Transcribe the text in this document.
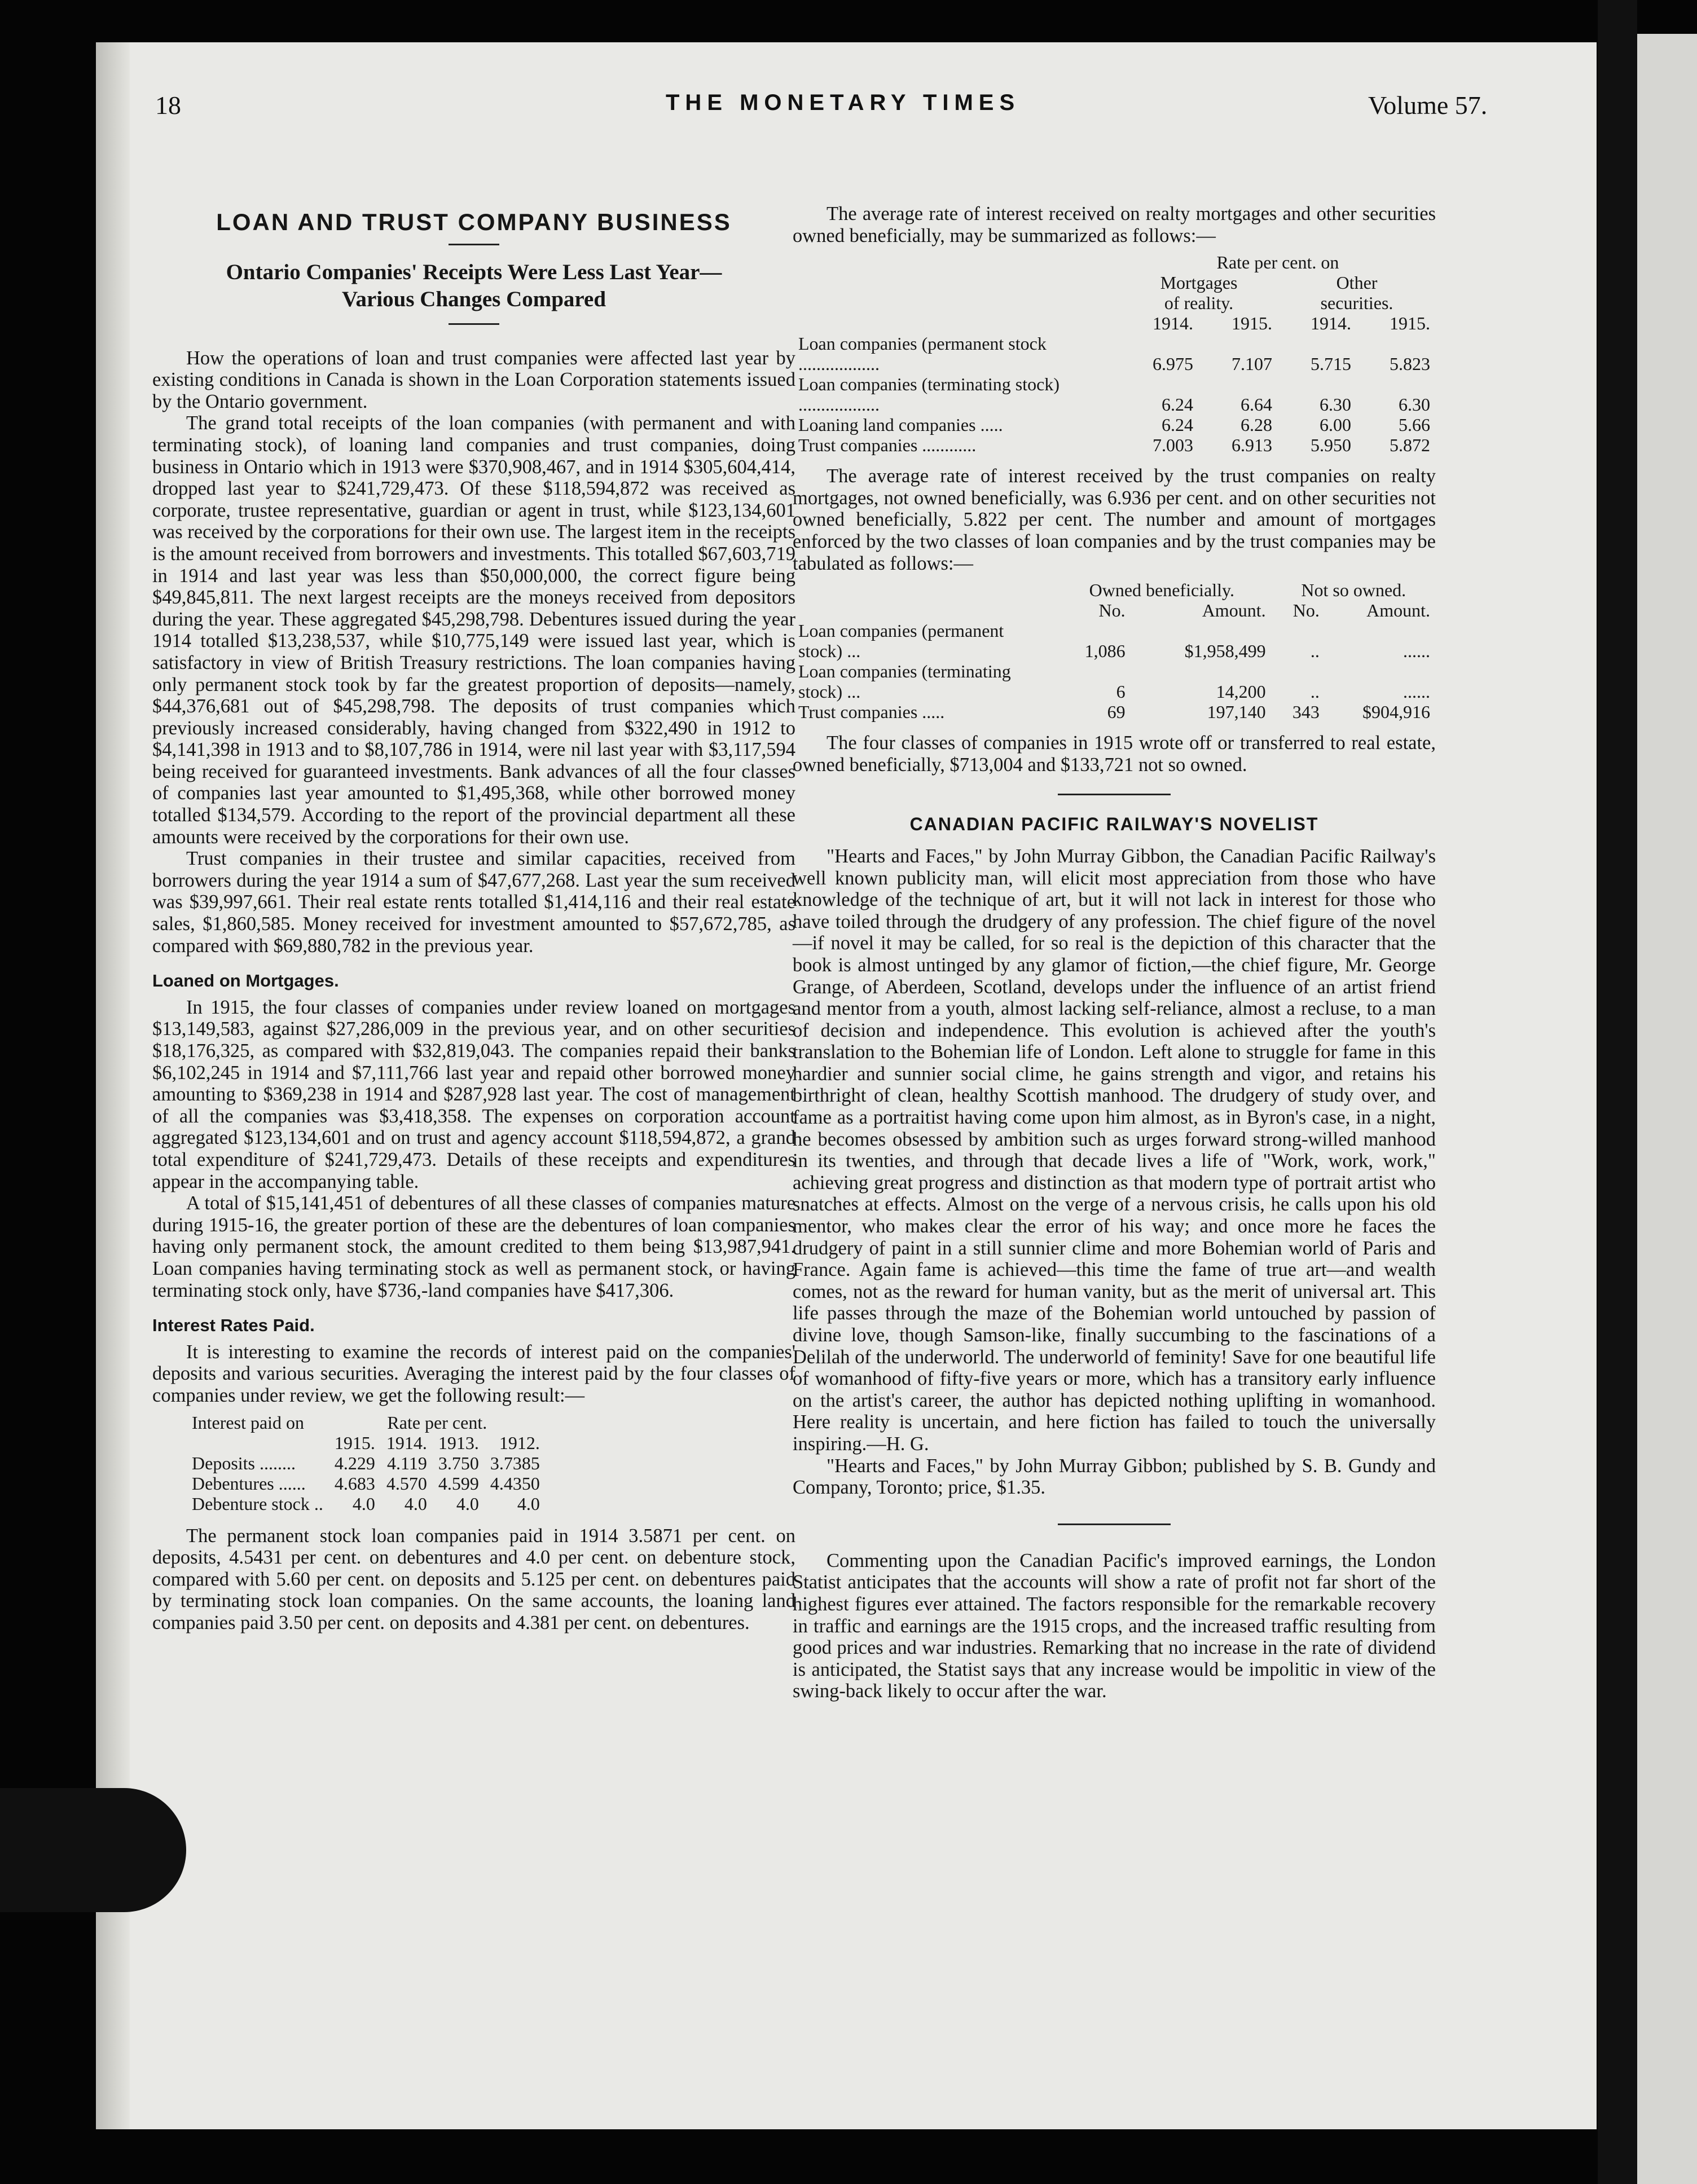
18	THE MONETARY TIMES	Volume 57.
LOAN AND TRUST COMPANY BUSINESS
Ontario Companies' Receipts Were Less Last Year—
Various Changes Compared

How the operations of loan and trust companies were affected last year by existing conditions in Canada is shown in the Loan Corporation statements issued by the Ontario government.

The grand total receipts of the loan companies (with permanent and with terminating stock), of loaning land companies and trust companies, doing business in Ontario which in 1913 were $370,908,467, and in 1914 $305,604,414, dropped last year to $241,729,473. Of these $118,594,872 was received as corporate, trustee representative, guardian or agent in trust, while $123,134,601 was received by the corporations for their own use. The largest item in the receipts is the amount received from borrowers and investments. This totalled $67,603,719 in 1914 and last year was less than $50,000,000, the correct figure being $49,845,811. The next largest receipts are the moneys received from depositors during the year. These aggregated $45,298,798. Debentures issued during the year 1914 totalled $13,238,537, while $10,775,149 were issued last year, which is satisfactory in view of British Treasury restrictions. The loan companies having only permanent stock took by far the greatest proportion of deposits—namely, $44,376,681 out of $45,298,798. The deposits of trust companies which previously increased considerably, having changed from $322,490 in 1912 to $4,141,398 in 1913 and to $8,107,786 in 1914, were nil last year with $3,117,594 being received for guaranteed investments. Bank advances of all the four classes of companies last year amounted to $1,495,368, while other borrowed money totalled $134,579. According to the report of the provincial department all these amounts were received by the corporations for their own use.

Trust companies in their trustee and similar capacities, received from borrowers during the year 1914 a sum of $47,677,268. Last year the sum received was $39,997,661. Their real estate rents totalled $1,414,116 and their real estate sales, $1,860,585. Money received for investment amounted to $57,672,785, as compared with $69,880,782 in the previous year.

Loaned on Mortgages.

In 1915, the four classes of companies under review loaned on mortgages $13,149,583, against $27,286,009 in the previous year, and on other securities $18,176,325, as compared with $32,819,043. The companies repaid their banks $6,102,245 in 1914 and $7,111,766 last year and repaid other borrowed money amounting to $369,238 in 1914 and $287,928 last year. The cost of management of all the companies was $3,418,358. The expenses on corporation account aggregated $123,134,601 and on trust and agency account $118,594,872, a grand total expenditure of $241,729,473. Details of these receipts and expenditures appear in the accompanying table.

A total of $15,141,451 of debentures of all these classes of companies mature during 1915-16, the greater portion of these are the debentures of loan companies having only permanent stock, the amount credited to them being $13,987,941. Loan companies having terminating stock as well as permanent stock, or having terminating stock only, have $736,-land companies have $417,306.

Interest Rates Paid.

It is interesting to examine the records of interest paid on the companies' deposits and various securities. Averaging the interest paid by the four classes of companies under review, we get the following result:—

Interest paid on	Rate per cent.			
	1915.	1914.	1913.	1912.
Deposits ........	4.229	4.119	3.750	3.7385
Debentures ......	4.683	4.570	4.599	4.4350
Debenture stock ..	4.0	4.0	4.0	4.0

The permanent stock loan companies paid in 1914 3.5871 per cent. on deposits, 4.5431 per cent. on debentures and 4.0 per cent. on debenture stock, compared with 5.60 per cent. on deposits and 5.125 per cent. on debentures paid by terminating stock loan companies. On the same accounts, the loaning land companies paid 3.50 per cent. on deposits and 4.381 per cent. on debentures.

The average rate of interest received on realty mortgages and other securities owned beneficially, may be summarized as follows:—

	Rate per cent. on			
	Mortgages		Other	
	of reality.		securities.	
	1914.	1915.	1914.	1915.
Loan companies (permanent stock ..................	6.975	7.107	5.715	5.823
Loan companies (terminating stock) ..................	6.24	6.64	6.30	6.30
Loaning land companies .....	6.24	6.28	6.00	5.66
Trust companies ............	7.003	6.913	5.950	5.872

The average rate of interest received by the trust companies on realty mortgages, not owned beneficially, was 6.936 per cent. and on other securities not owned beneficially, 5.822 per cent. The number and amount of mortgages enforced by the two classes of loan companies and by the trust companies may be tabulated as follows:—

	Owned beneficially.		Not so owned.	
	No.	Amount.	No.	Amount.
Loan companies (permanent stock) ...	1,086	$1,958,499	..	......
Loan companies (terminating stock) ...	6	14,200	..	......
Trust companies .....	69	197,140	343	$904,916

The four classes of companies in 1915 wrote off or transferred to real estate, owned beneficially, $713,004 and $133,721 not so owned.

CANADIAN PACIFIC RAILWAY'S NOVELIST

"Hearts and Faces," by John Murray Gibbon, the Canadian Pacific Railway's well known publicity man, will elicit most appreciation from those who have knowledge of the technique of art, but it will not lack in interest for those who have toiled through the drudgery of any profession. The chief figure of the novel—if novel it may be called, for so real is the depiction of this character that the book is almost untinged by any glamor of fiction,—the chief figure, Mr. George Grange, of Aberdeen, Scotland, develops under the influence of an artist friend and mentor from a youth, almost lacking self-reliance, almost a recluse, to a man of decision and independence. This evolution is achieved after the youth's translation to the Bohemian life of London. Left alone to struggle for fame in this hardier and sunnier social clime, he gains strength and vigor, and retains his birthright of clean, healthy Scottish manhood. The drudgery of study over, and fame as a portraitist having come upon him almost, as in Byron's case, in a night, he becomes obsessed by ambition such as urges forward strong-willed manhood in its twenties, and through that decade lives a life of "Work, work, work," achieving great progress and distinction as that modern type of portrait artist who snatches at effects. Almost on the verge of a nervous crisis, he calls upon his old mentor, who makes clear the error of his way; and once more he faces the drudgery of paint in a still sunnier clime and more Bohemian world of Paris and France. Again fame is achieved—this time the fame of true art—and wealth comes, not as the reward for human vanity, but as the merit of universal art. This life passes through the maze of the Bohemian world untouched by passion of divine love, though Samson-like, finally succumbing to the fascinations of a Delilah of the underworld. The underworld of feminity! Save for one beautiful life of womanhood of fifty-five years or more, which has a transitory early influence on the artist's career, the author has depicted nothing uplifting in womanhood. Here reality is uncertain, and here fiction has failed to touch the universally inspiring.—H. G.

"Hearts and Faces," by John Murray Gibbon; published by S. B. Gundy and Company, Toronto; price, $1.35.

Commenting upon the Canadian Pacific's improved earnings, the London Statist anticipates that the accounts will show a rate of profit not far short of the highest figures ever attained. The factors responsible for the remarkable recovery in traffic and earnings are the 1915 crops, and the increased traffic resulting from good prices and war industries. Remarking that no increase in the rate of dividend is anticipated, the Statist says that any increase would be impolitic in view of the swing-back likely to occur after the war.
